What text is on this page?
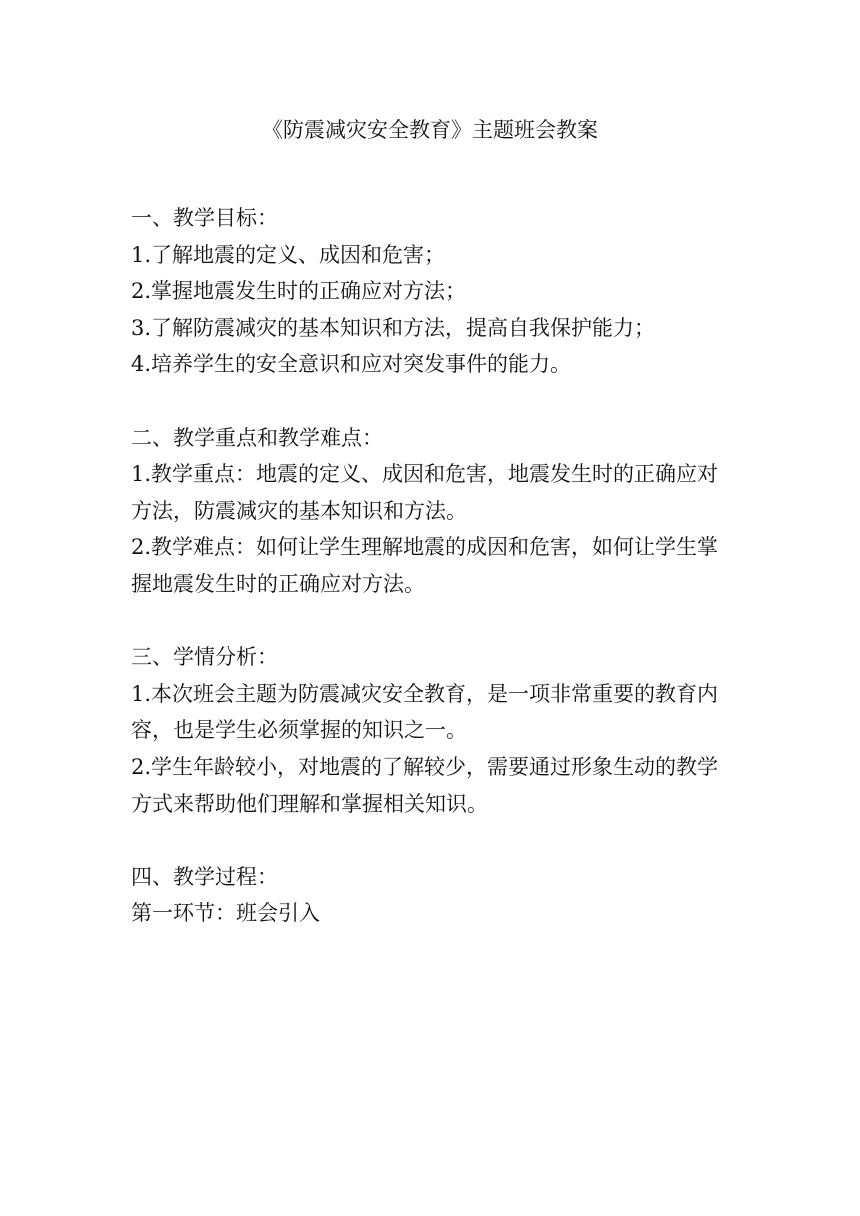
《防震减灾安全教育》主题班会教案

一、教学目标：

1.了解地震的定义、成因和危害；

2.掌握地震发生时的正确应对方法；

3.了解防震减灾的基本知识和方法，提高自我保护能力；

4.培养学生的安全意识和应对突发事件的能力。

二、教学重点和教学难点：

1.教学重点：地震的定义、成因和危害，地震发生时的正确应对方法，防震减灾的基本知识和方法。

2.教学难点：如何让学生理解地震的成因和危害，如何让学生掌握地震发生时的正确应对方法。

三、学情分析：

1.本次班会主题为防震减灾安全教育，是一项非常重要的教育内容，也是学生必须掌握的知识之一。

2.学生年龄较小，对地震的了解较少，需要通过形象生动的教学方式来帮助他们理解和掌握相关知识。

四、教学过程：

第一环节：班会引入
